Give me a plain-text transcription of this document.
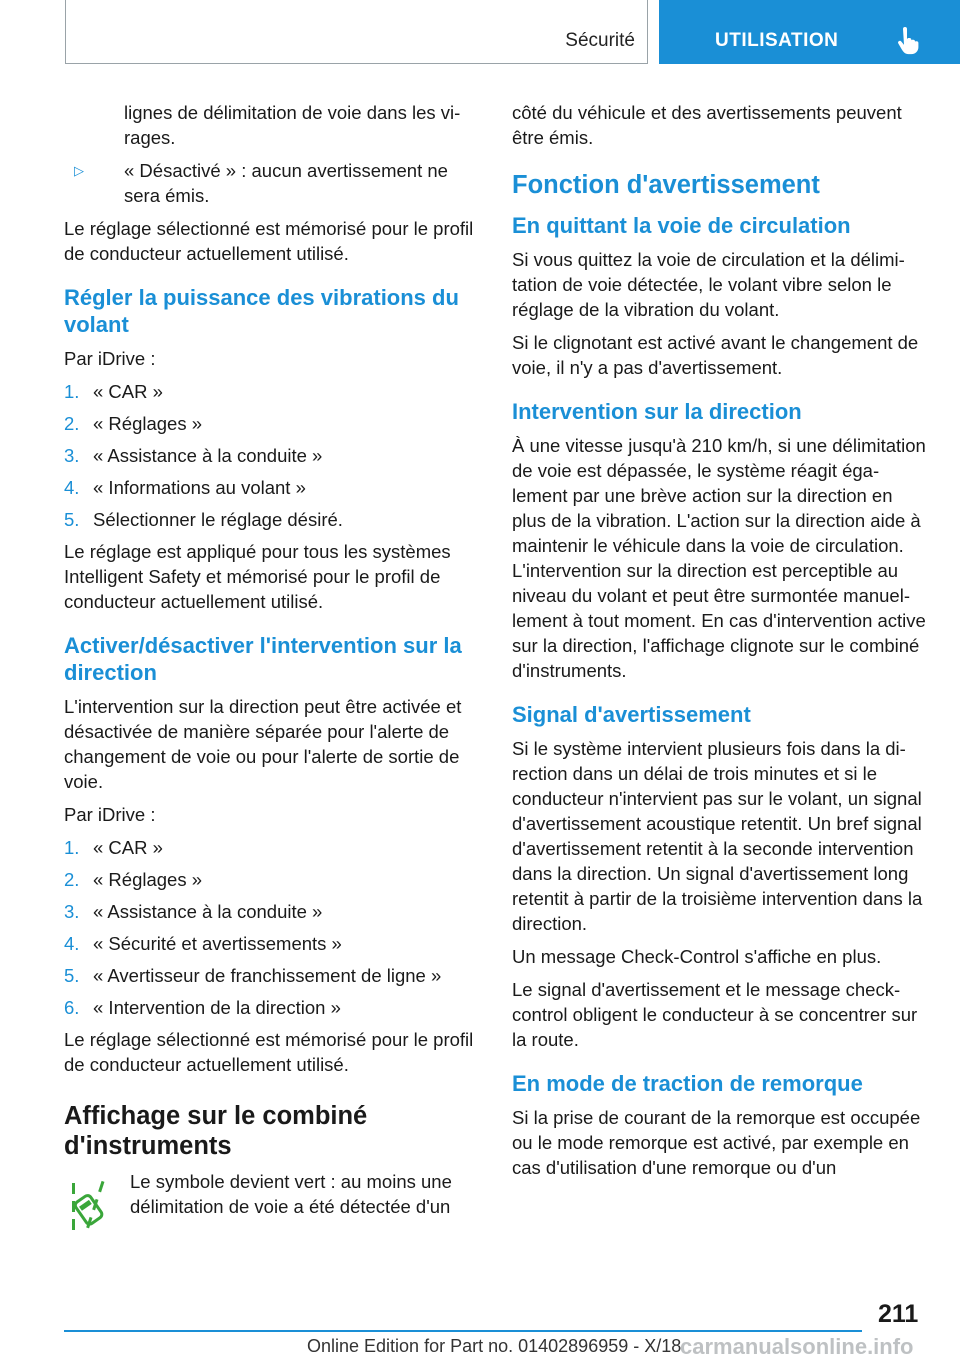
Sécurité	UTILISATION
lignes de délimitation de voie dans les virages.
▷	« Désactivé » : aucun avertissement ne sera émis.

Le réglage sélectionné est mémorisé pour le profil de conducteur actuellement utilisé.

Régler la puissance des vibrations du volant

Par iDrive :

1. « CAR »
2. « Réglages »
3. « Assistance à la conduite »
4. « Informations au volant »
5. Sélectionner le réglage désiré.

Le réglage est appliqué pour tous les systèmes Intelligent Safety et mémorisé pour le profil de conducteur actuellement utilisé.

Activer/désactiver l'intervention sur la direction

L'intervention sur la direction peut être activée et désactivée de manière séparée pour l'alerte de changement de voie ou pour l'alerte de sortie de voie.

Par iDrive :

1. « CAR »
2. « Réglages »
3. « Assistance à la conduite »
4. « Sécurité et avertissements »
5. « Avertisseur de franchissement de ligne »
6. « Intervention de la direction »

Le réglage sélectionné est mémorisé pour le profil de conducteur actuellement utilisé.

Affichage sur le combiné d'instruments
Le symbole devient vert : au moins une délimitation de voie a été détectée d'un

côté du véhicule et des avertissements peuvent être émis.

Fonction d'avertissement
En quittant la voie de circulation

Si vous quittez la voie de circulation et la délimitation de voie détectée, le volant vibre selon le réglage de la vibration du volant.

Si le clignotant est activé avant le changement de voie, il n'y a pas d'avertissement.

Intervention sur la direction

À une vitesse jusqu'à 210 km/h, si une délimitation de voie est dépassée, le système réagit également par une brève action sur la direction en plus de la vibration. L'action sur la direction aide à maintenir le véhicule dans la voie de circulation. L'intervention sur la direction est perceptible au niveau du volant et peut être surmontée manuellement à tout moment. En cas d'intervention active sur la direction, l'affichage clignote sur le combiné d'instruments.

Signal d'avertissement

Si le système intervient plusieurs fois dans la direction dans un délai de trois minutes et si le conducteur n'intervient pas sur le volant, un signal d'avertissement acoustique retentit. Un bref signal d'avertissement retentit à la seconde intervention dans la direction. Un signal d'avertissement long retentit à partir de la troisième intervention dans la direction.

Un message Check-Control s'affiche en plus.

Le signal d'avertissement et le message check-control obligent le conducteur à se concentrer sur la route.

En mode de traction de remorque

Si la prise de courant de la remorque est occupée ou le mode remorque est activé, par exemple en cas d'utilisation d'une remorque ou d'un

211
Online Edition for Part no. 01402896959 - X/18
carmanualsonline.info
